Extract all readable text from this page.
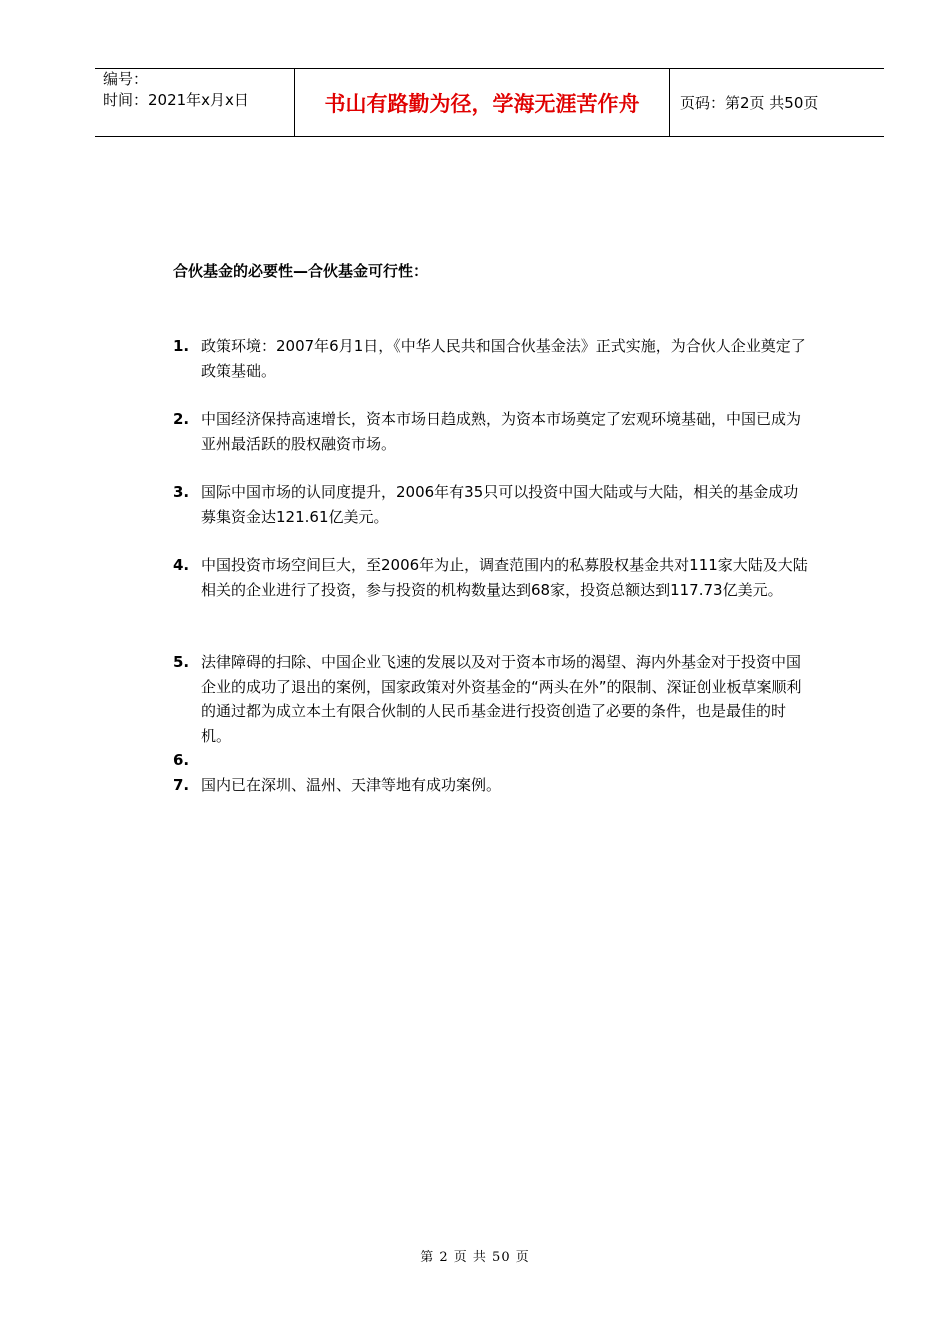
编号：
时间：2021年x月x日	书山有路勤为径，学海无涯苦作舟	页码：第2页 共50页
合伙基金的必要性—合伙基金可行性：
1. 政策环境：2007年6月1日，《中华人民共和国合伙基金法》正式实施，为合伙人企业奠定了政策基础。
2. 中国经济保持高速增长，资本市场日趋成熟，为资本市场奠定了宏观环境基础，中国已成为亚州最活跃的股权融资市场。
3. 国际中国市场的认同度提升，2006年有35只可以投资中国大陆或与大陆，相关的基金成功募集资金达121.61亿美元。
4. 中国投资市场空间巨大，至2006年为止，调查范围内的私募股权基金共对111家大陆及大陆相关的企业进行了投资，参与投资的机构数量达到68家，投资总额达到117.73亿美元。
5. 法律障碍的扫除、中国企业飞速的发展以及对于资本市场的渴望、海内外基金对于投资中国企业的成功了退出的案例，国家政策对外资基金的“两头在外”的限制、深证创业板草案顺利的通过都为成立本土有限合伙制的人民币基金进行投资创造了必要的条件，也是最佳的时机。
6.
7. 国内已在深圳、温州、天津等地有成功案例。
第 2 页 共 50 页
